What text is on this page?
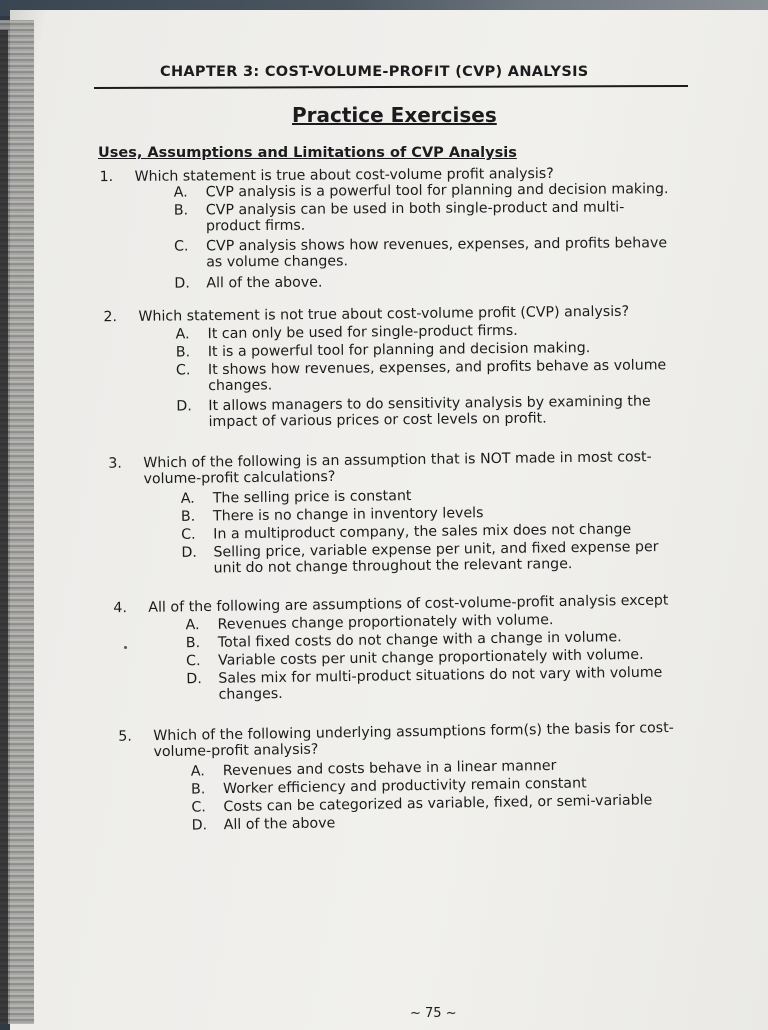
CHAPTER 3: COST-VOLUME-PROFIT (CVP) ANALYSIS
Practice Exercises
Uses, Assumptions and Limitations of CVP Analysis
1. Which statement is true about cost-volume profit analysis?

A. CVP analysis is a powerful tool for planning and decision making.

B. CVP analysis can be used in both single-product and multi-
product firms.

C. CVP analysis shows how revenues, expenses, and profits behave
as volume changes.

D. All of the above.

2. Which statement is not true about cost-volume profit (CVP) analysis?

A. It can only be used for single-product firms.

B. It is a powerful tool for planning and decision making.

C. It shows how revenues, expenses, and profits behave as volume
changes.

D. It allows managers to do sensitivity analysis by examining the
impact of various prices or cost levels on profit.

3. Which of the following is an assumption that is NOT made in most cost-
volume-profit calculations?

A. The selling price is constant

B. There is no change in inventory levels

C. In a multiproduct company, the sales mix does not change

D. Selling price, variable expense per unit, and fixed expense per
unit do not change throughout the relevant range.

4. All of the following are assumptions of cost-volume-profit analysis except

A. Revenues change proportionately with volume.

B. Total fixed costs do not change with a change in volume.

C. Variable costs per unit change proportionately with volume.

D. Sales mix for multi-product situations do not vary with volume
changes.

5. Which of the following underlying assumptions form(s) the basis for cost-
volume-profit analysis?

A. Revenues and costs behave in a linear manner

B. Worker efficiency and productivity remain constant

C. Costs can be categorized as variable, fixed, or semi-variable

D. All of the above

~ 75 ~
